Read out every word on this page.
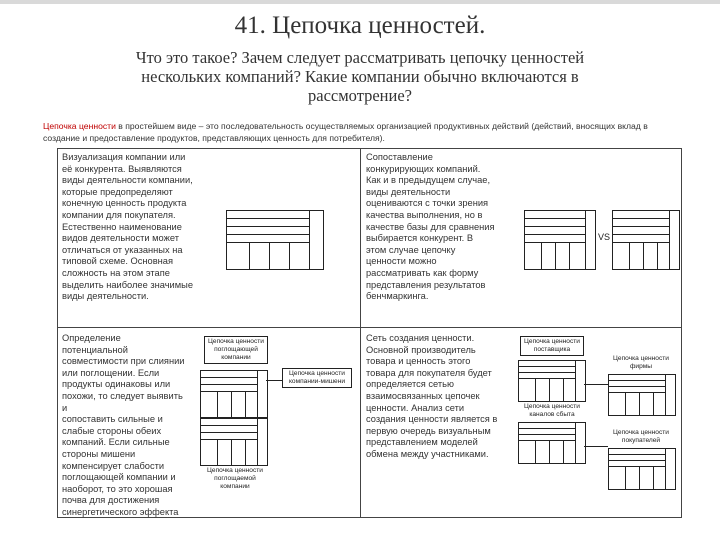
41. Цепочка ценностей.
Что это такое? Зачем следует рассматривать цепочку ценностей
нескольких компаний? Какие компании обычно включаются в
рассмотрение?
Цепочка ценности в простейшем виде – это последовательность осуществляемых организацией продуктивных действий (действий, вносящих вклад в создание и предоставление продуктов, представляющих ценность для потребителя).
Визуализация компании или
её конкурента. Выявляются
виды деятельности компании,
которые предопределяют
конечную ценность продукта
компании для покупателя.
Естественно наименование
видов деятельности может
отличаться от указанных на
типовой схеме. Основная
сложность на этом этапе
выделить наиболее значимые
виды деятельности.
Сопоставление
конкурирующих компаний.
Как и в предыдущем случае,
виды деятельности
оцениваются с точки зрения
качества выполнения, но в
качестве базы для сравнения
выбирается конкурент. В
этом случае цепочку
ценности можно
рассматривать как форму
представления результатов
бенчмаркинга.
Определение
потенциальной
совместимости при слиянии
или поглощении. Если
продукты одинаковы или
похожи, то следует выявить и
сопоставить сильные и
слабые стороны обеих
компаний. Если сильные
стороны мишени
компенсирует слабости
поглощающей компании и
наоборот, то это хорошая
почва для достижения
синергетического эффекта
Сеть создания ценности.
Основной производитель
товара и ценность этого
товара для покупателя будет
определяется сетью
взаимосвязанных цепочек
ценности. Анализ сети
создания ценности является в
первую очередь визуальным
представлением моделей
обмена между участниками.
VS
Цепочка ценности
поглощающей
компании
Цепочка ценности
компании-мишени
Цепочка ценности
поглощаемой
компании
Цепочка ценности
поставщика
Цепочка ценности
фирмы
Цепочка ценности
каналов сбыта
Цепочка ценности
покупателей
